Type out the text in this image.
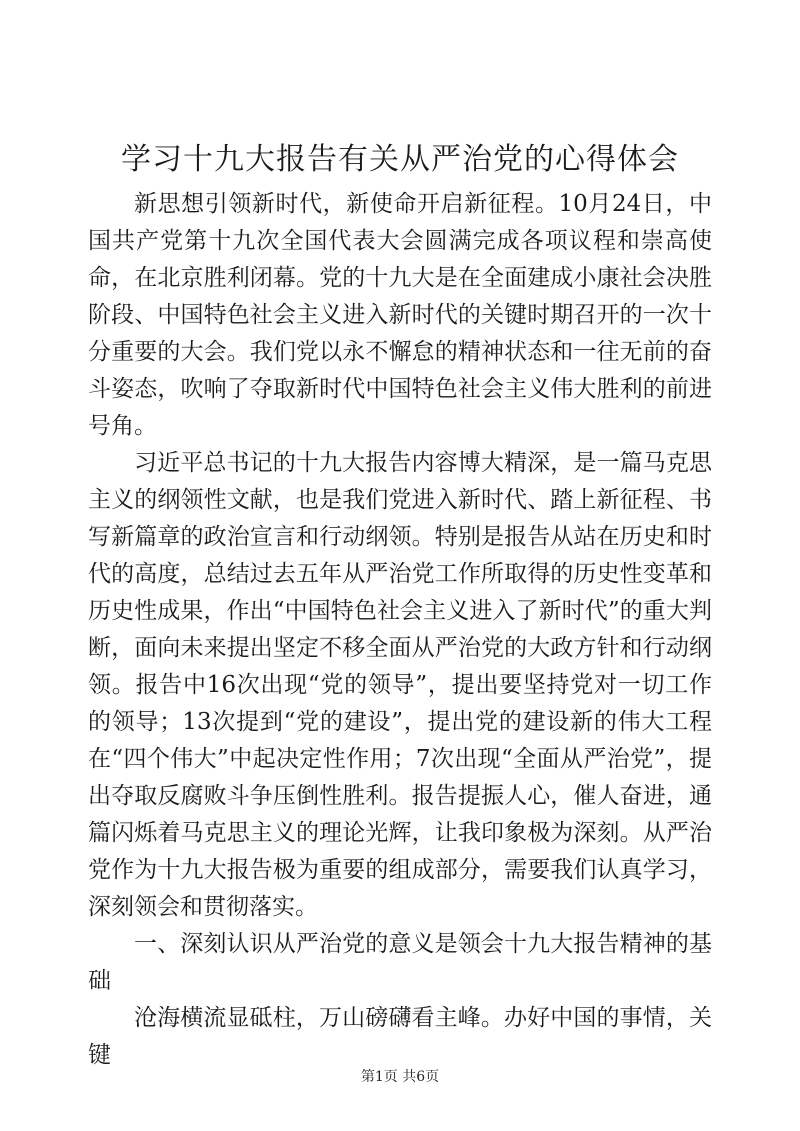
学习十九大报告有关从严治党的心得体会

新思想引领新时代，新使命开启新征程。10月24日，中国共产党第十九次全国代表大会圆满完成各项议程和崇高使命，在北京胜利闭幕。党的十九大是在全面建成小康社会决胜阶段、中国特色社会主义进入新时代的关键时期召开的一次十分重要的大会。我们党以永不懈怠的精神状态和一往无前的奋斗姿态，吹响了夺取新时代中国特色社会主义伟大胜利的前进号角。

习近平总书记的十九大报告内容博大精深，是一篇马克思主义的纲领性文献，也是我们党进入新时代、踏上新征程、书写新篇章的政治宣言和行动纲领。特别是报告从站在历史和时代的高度，总结过去五年从严治党工作所取得的历史性变革和历史性成果，作出“中国特色社会主义进入了新时代”的重大判断，面向未来提出坚定不移全面从严治党的大政方针和行动纲领。报告中16次出现“党的领导”，提出要坚持党对一切工作的领导；13次提到“党的建设”，提出党的建设新的伟大工程在“四个伟大”中起决定性作用；7次出现“全面从严治党”，提出夺取反腐败斗争压倒性胜利。报告提振人心，催人奋进，通篇闪烁着马克思主义的理论光辉，让我印象极为深刻。从严治党作为十九大报告极为重要的组成部分，需要我们认真学习，深刻领会和贯彻落实。

一、深刻认识从严治党的意义是领会十九大报告精神的基础

沧海横流显砥柱，万山磅礴看主峰。办好中国的事情，关键

第1页 共6页
